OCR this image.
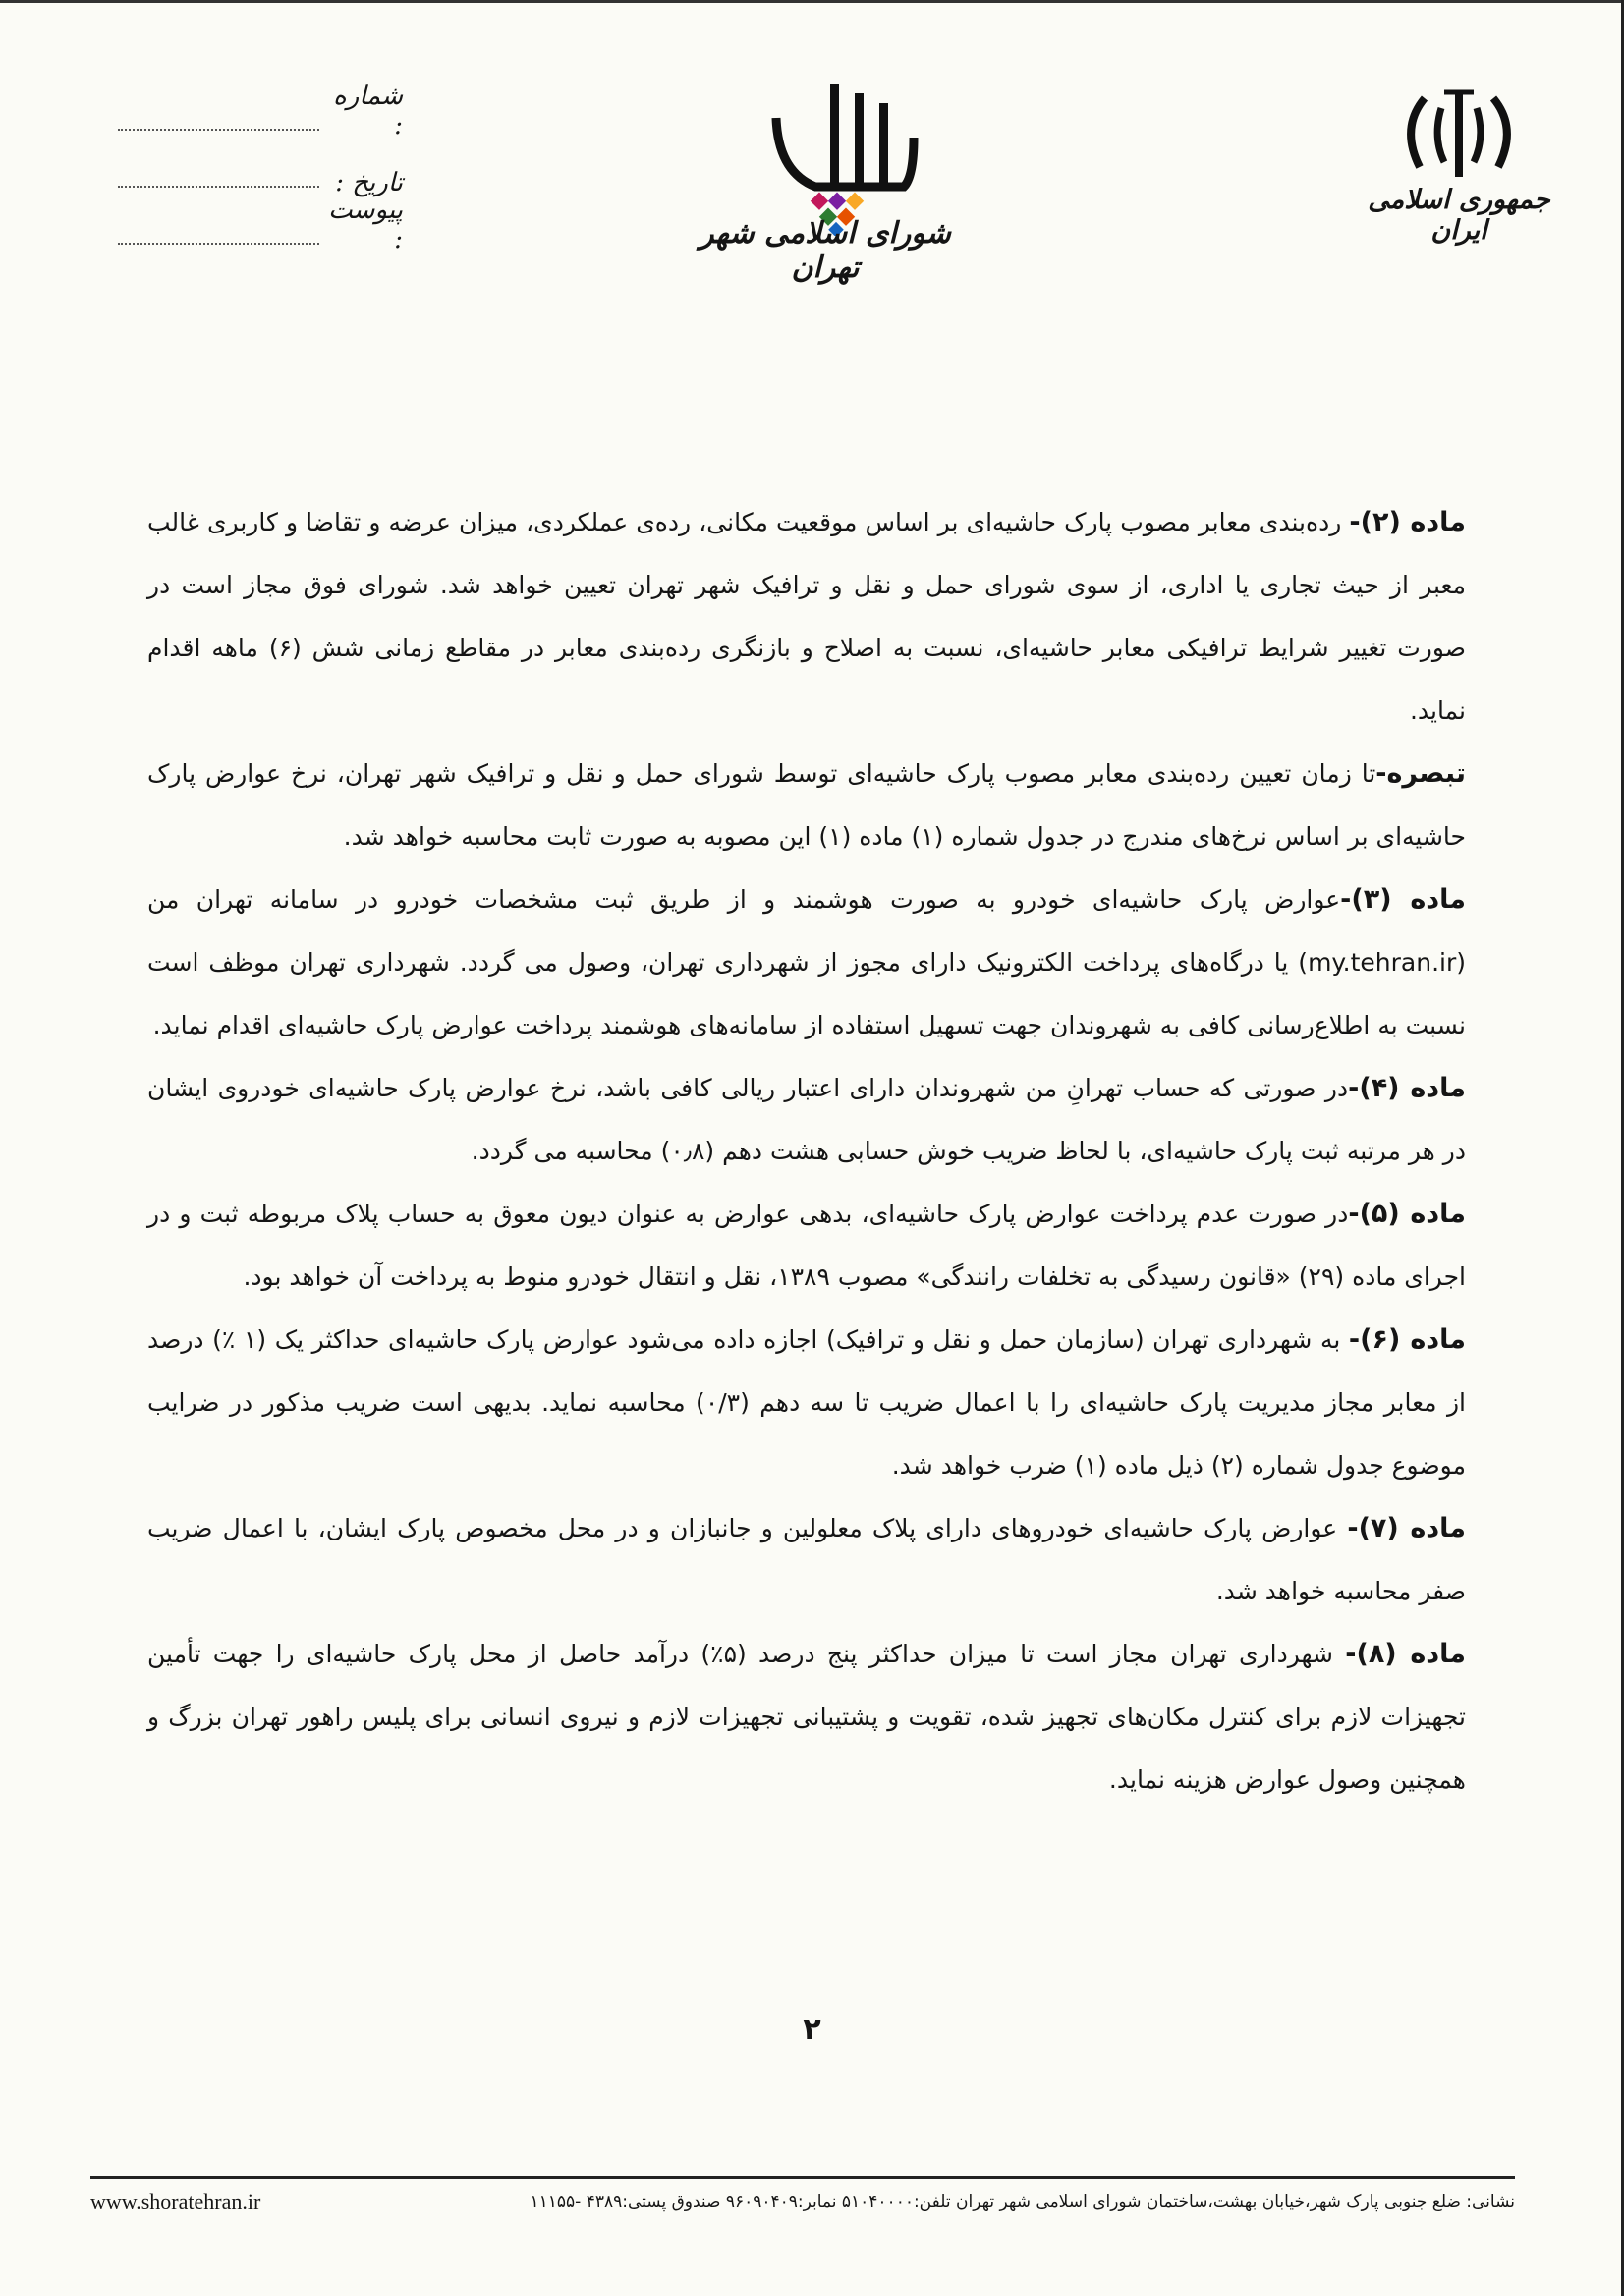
شماره :
تاریخ :
پیوست :	شورای اسلامی شهر تهران
جمهوری اسلامی ایران

ماده (۲)- رده‌بندی معابر مصوب پارک حاشیه‌ای بر اساس موقعیت مکانی، رده‌ی عملکردی، میزان عرضه و تقاضا و کاربری غالب معبر از حیث تجاری یا اداری، از سوی شورای حمل و نقل و ترافیک شهر تهران تعیین خواهد شد. شورای فوق مجاز است در صورت تغییر شرایط ترافیکی معابر حاشیه‌ای، نسبت به اصلاح و بازنگری رده‌بندی معابر در مقاطع زمانی شش (۶) ماهه اقدام نماید.

تبصره-تا زمان تعیین رده‌بندی معابر مصوب پارک حاشیه‌ای توسط شورای حمل و نقل و ترافیک شهر تهران، نرخ عوارض پارک حاشیه‌ای بر اساس نرخ‌های مندرج در جدول شماره (۱) ماده (۱) این مصوبه به صورت ثابت محاسبه خواهد شد.

ماده (۳)-عوارض پارک حاشیه‌ای خودرو به صورت هوشمند و از طریق ثبت مشخصات خودرو در سامانه تهران من (my.tehran.ir) یا درگاه‌های پرداخت الکترونیک دارای مجوز از شهرداری تهران، وصول می گردد. شهرداری تهران موظف است نسبت به اطلاع‌رسانی کافی به شهروندان جهت تسهیل استفاده از سامانه‌های هوشمند پرداخت عوارض پارک حاشیه‌ای اقدام نماید.

ماده (۴)-در صورتی که حساب تهرانِ من شهروندان دارای اعتبار ریالی کافی باشد، نرخ عوارض پارک حاشیه‌ای خودروی ایشان در هر مرتبه ثبت پارک حاشیه‌ای، با لحاظ ضریب خوش حسابی هشت دهم (۰٫۸) محاسبه می گردد.

ماده (۵)-در صورت عدم پرداخت عوارض پارک حاشیه‌ای، بدهی عوارض به عنوان دیون معوق به حساب پلاک مربوطه ثبت و در اجرای ماده (۲۹) «قانون رسیدگی به تخلفات رانندگی» مصوب ۱۳۸۹، نقل و انتقال خودرو منوط به پرداخت آن خواهد بود.

ماده (۶)- به شهرداری تهران (سازمان حمل و نقل و ترافیک) اجازه داده می‌شود عوارض پارک حاشیه‌ای حداکثر یک (۱ ٪) درصد از معابر مجاز مدیریت پارک حاشیه‌ای را با اعمال ضریب تا سه دهم (۰/۳) محاسبه نماید. بدیهی است ضریب مذکور در ضرایب موضوع جدول شماره (۲) ذیل ماده (۱) ضرب خواهد شد.

ماده (۷)- عوارض پارک حاشیه‌ای خودروهای دارای پلاک معلولین و جانبازان و در محل مخصوص پارک ایشان، با اعمال ضریب صفر محاسبه خواهد شد.

ماده (۸)- شهرداری تهران مجاز است تا میزان حداکثر پنج درصد (۵٪) درآمد حاصل از محل پارک حاشیه‌ای را جهت تأمین تجهیزات لازم برای کنترل مکان‌های تجهیز شده، تقویت و پشتیبانی تجهیزات لازم و نیروی انسانی برای پلیس راهور تهران بزرگ و همچنین وصول عوارض هزینه نماید.

۲
www.shoratehran.ir	نشانی: ضلع جنوبی پارک شهر،خیابان بهشت،ساختمان شورای اسلامی شهر تهران تلفن:۵۱۰۴۰۰۰۰ نمابر:۹۶۰۹۰۴۰۹ صندوق پستی:۴۳۸۹ -۱۱۱۵۵
